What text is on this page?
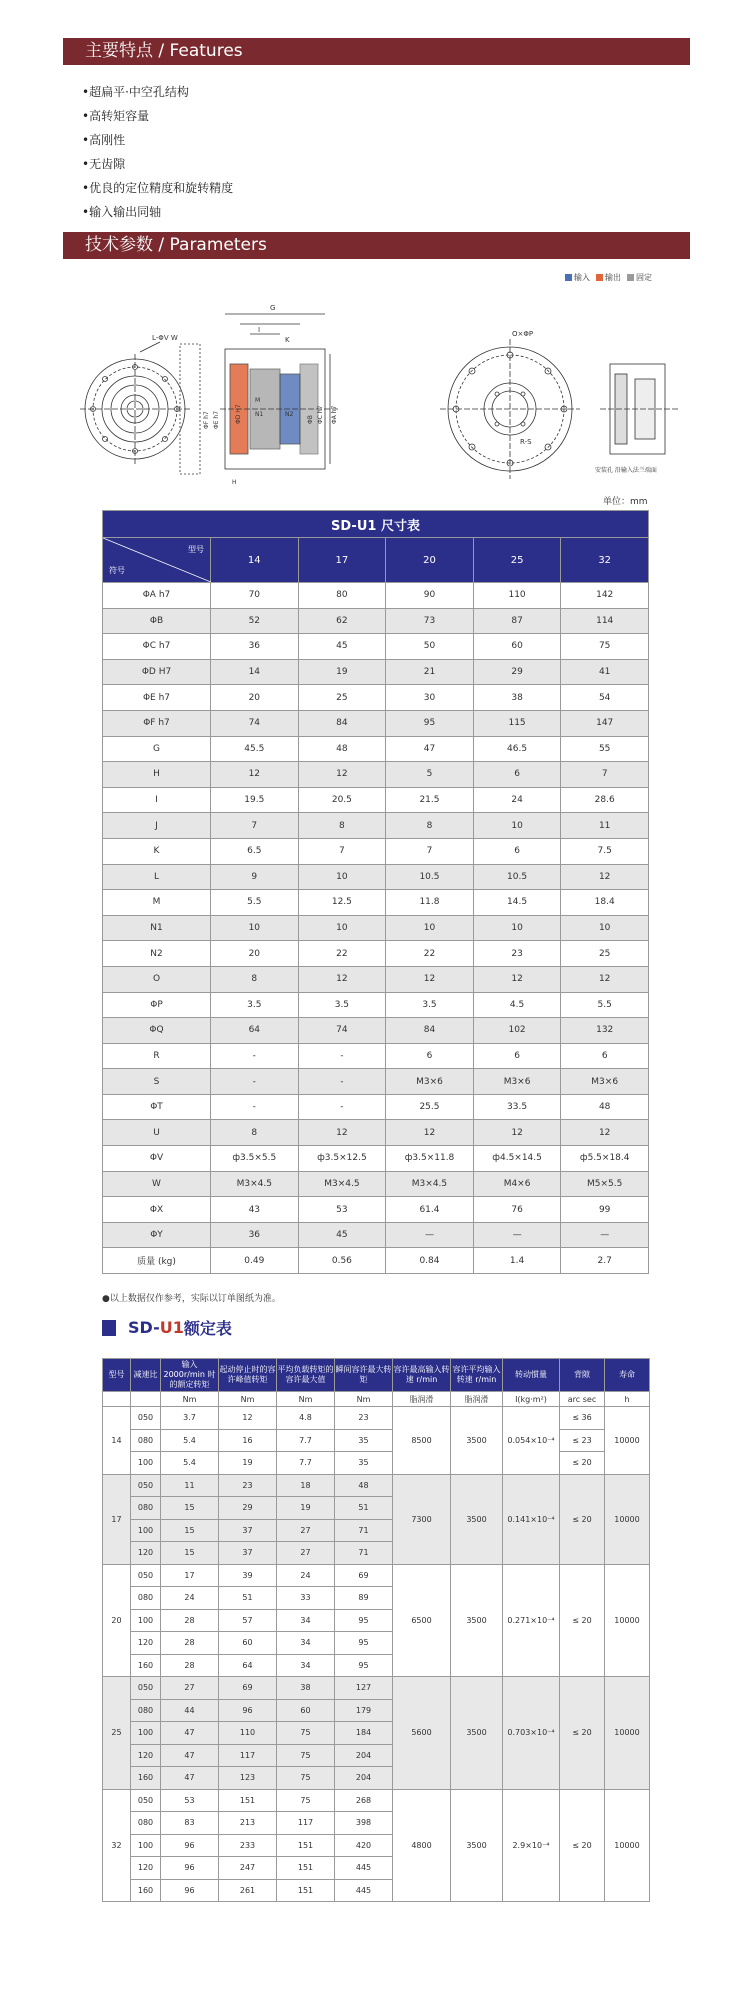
主要特点 / Features
•超扁平·中空孔结构
•高转矩容量
•高刚性
•无齿隙
•优良的定位精度和旋转精度
•输入输出同轴
技术参数 / Parameters
输入	输出	固定
L-ΦV W
G
I
K
ΦF h7 ΦE h7	ΦD H7	ΦB ΦC h7 ΦA h7
M
N1	N2
H
O×ΦP
R-S
安装孔 沿输入法兰端面
单位：mm
SD-U1 尺寸表					

型号
符号	14	17	20	25	32
ΦA h7	70	80	90	110	142
ΦB	52	62	73	87	114
ΦC h7	36	45	50	60	75
ΦD H7	14	19	21	29	41
ΦE h7	20	25	30	38	54
ΦF h7	74	84	95	115	147
G	45.5	48	47	46.5	55
H	12	12	5	6	7
I	19.5	20.5	21.5	24	28.6
J	7	8	8	10	11
K	6.5	7	7	6	7.5
L	9	10	10.5	10.5	12
M	5.5	12.5	11.8	14.5	18.4
N1	10	10	10	10	10
N2	20	22	22	23	25
O	8	12	12	12	12
ΦP	3.5	3.5	3.5	4.5	5.5
ΦQ	64	74	84	102	132
R	-	-	6	6	6
S	-	-	M3×6	M3×6	M3×6
ΦT	-	-	25.5	33.5	48
U	8	12	12	12	12
ΦV	ф3.5×5.5	ф3.5×12.5	ф3.5×11.8	ф4.5×14.5	ф5.5×18.4
W	M3×4.5	M3×4.5	M3×4.5	M4×6	M5×5.5
ΦX	43	53	61.4	76	99
ΦY	36	45	—	—	—
质量 (kg)	0.49	0.56	0.84	1.4	2.7
●以上数据仅作参考，实际以订单图纸为准。
SD- U1 额定表
型号	减速比	输入 2000r/min 时的额定转矩	起动停止时的容许峰值转矩	平均负载转矩的容许最大值	瞬间容许最大转矩	容许最高输入转速 r/min	容许平均输入转速 r/min	转动惯量	背隙	寿命
		Nm	Nm	Nm	Nm	脂润滑	脂润滑	I(kg·m²)	arc sec	h
14	050	3.7	12	4.8	23	8500	3500	0.054×10⁻⁴	≤ 36	10000
	080	5.4	16	7.7	35				≤ 23	
	100	5.4	19	7.7	35				≤ 20	
17	050	11	23	18	48	7300	3500	0.141×10⁻⁴	≤ 20	10000
	080	15	29	19	51					
	100	15	37	27	71					
	120	15	37	27	71					
20	050	17	39	24	69	6500	3500	0.271×10⁻⁴	≤ 20	10000
	080	24	51	33	89					
	100	28	57	34	95					
	120	28	60	34	95					
	160	28	64	34	95					
25	050	27	69	38	127	5600	3500	0.703×10⁻⁴	≤ 20	10000
	080	44	96	60	179					
	100	47	110	75	184					
	120	47	117	75	204					
	160	47	123	75	204					
32	050	53	151	75	268	4800	3500	2.9×10⁻⁴	≤ 20	10000
	080	83	213	117	398					
	100	96	233	151	420					
	120	96	247	151	445					
	160	96	261	151	445					
